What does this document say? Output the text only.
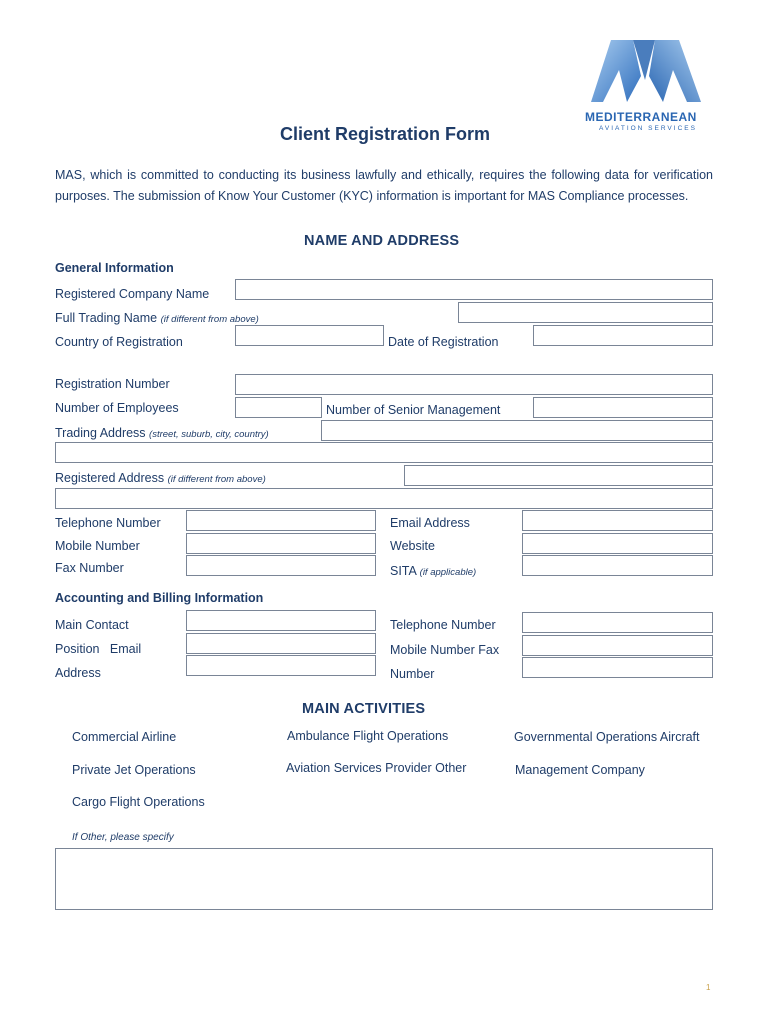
MEDITERRANEAN
AVIATION SERVICES
Client Registration Form
MAS, which is committed to conducting its business lawfully and ethically, requires the following data for verification purposes. The submission of Know Your Customer (KYC) information is important for MAS Compliance processes.
NAME AND ADDRESS
General Information
Registered Company Name
Full Trading Name (if different from above)
Country of Registration	Date of Registration
Registration Number
Number of Employees	Number of Senior Management
Trading Address (street, suburb, city, country)
Registered Address (if different from above)
Telephone Number	Email Address
Mobile Number	Website
Fax Number	SITA (if applicable)
Accounting and Billing Information
Main Contact	Telephone Number
Position   Email	Mobile Number Fax
Address	Number
MAIN ACTIVITIES
Commercial Airline	Ambulance Flight Operations	Governmental Operations Aircraft
Private Jet Operations	Aviation Services Provider Other	Management Company
Cargo Flight Operations
If Other, please specify
1
